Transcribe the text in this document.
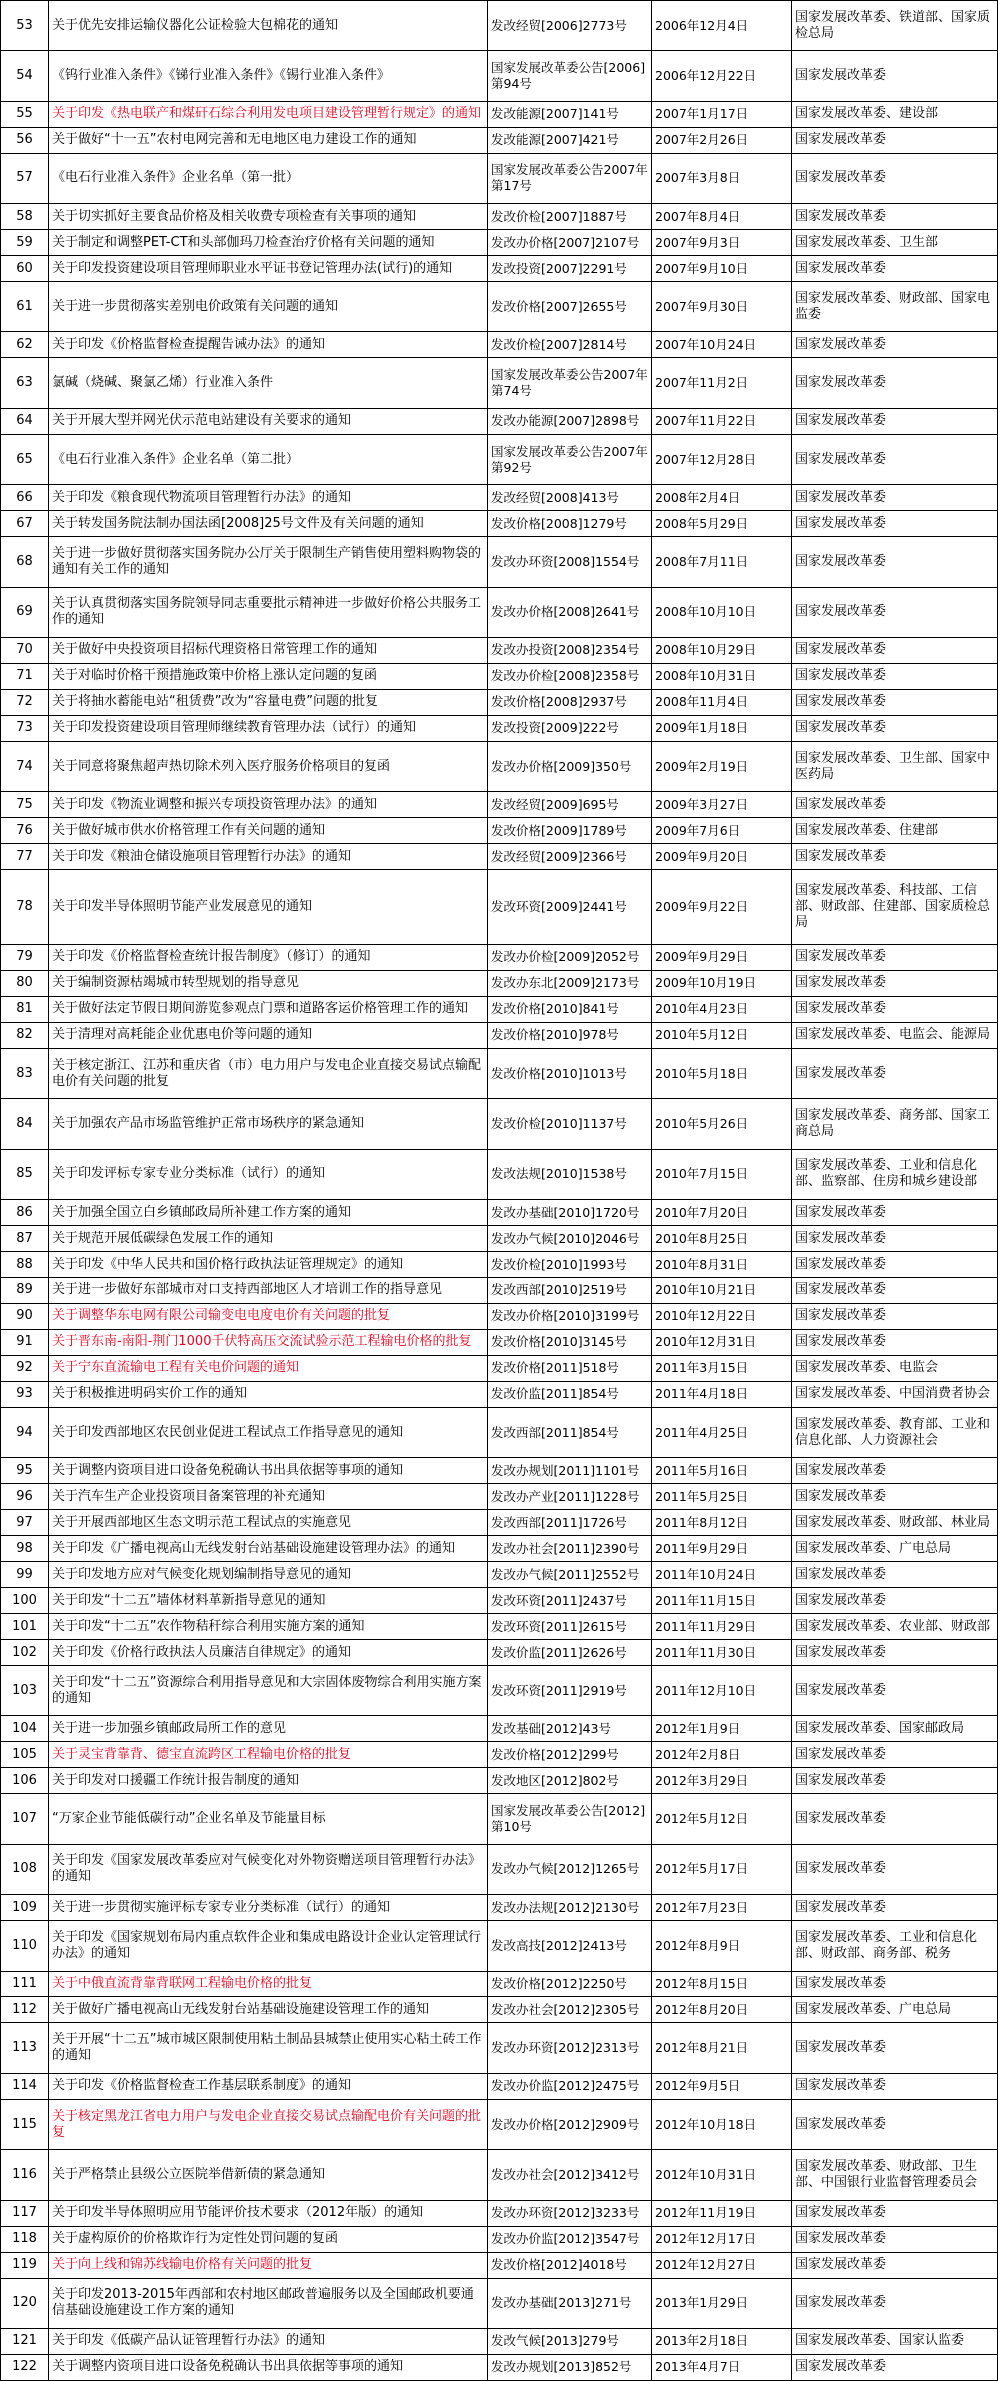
53	关于优先安排运输仪器化公证检验大包棉花的通知	发改经贸[2006]2773号	2006年12月4日	国家发展改革委、铁道部、国家质检总局
54	《钨行业准入条件》《锑行业准入条件》《锡行业准入条件》	国家发展改革委公告[2006]第94号	2006年12月22日	国家发展改革委
55	关于印发《热电联产和煤矸石综合利用发电项目建设管理暂行规定》的通知	发改能源[2007]141号	2007年1月17日	国家发展改革委、建设部
56	关于做好“十一五”农村电网完善和无电地区电力建设工作的通知	发改能源[2007]421号	2007年2月26日	国家发展改革委
57	《电石行业准入条件》企业名单（第一批）	国家发展改革委公告2007年第17号	2007年3月8日	国家发展改革委
58	关于切实抓好主要食品价格及相关收费专项检查有关事项的通知	发改价检[2007]1887号	2007年8月4日	国家发展改革委
59	关于制定和调整PET-CT和头部伽玛刀检查治疗价格有关问题的通知	发改办价格[2007]2107号	2007年9月3日	国家发展改革委、卫生部
60	关于印发投资建设项目管理师职业水平证书登记管理办法(试行)的通知	发改投资[2007]2291号	2007年9月10日	国家发展改革委
61	关于进一步贯彻落实差别电价政策有关问题的通知	发改价格[2007]2655号	2007年9月30日	国家发展改革委、财政部、国家电监委
62	关于印发《价格监督检查提醒告诫办法》的通知	发改价检[2007]2814号	2007年10月24日	国家发展改革委
63	氯碱（烧碱、聚氯乙烯）行业准入条件	国家发展改革委公告2007年第74号	2007年11月2日	国家发展改革委
64	关于开展大型并网光伏示范电站建设有关要求的通知	发改办能源[2007]2898号	2007年11月22日	国家发展改革委
65	《电石行业准入条件》企业名单（第二批）	国家发展改革委公告2007年第92号	2007年12月28日	国家发展改革委
66	关于印发《粮食现代物流项目管理暂行办法》的通知	发改经贸[2008]413号	2008年2月4日	国家发展改革委
67	关于转发国务院法制办国法函[2008]25号文件及有关问题的通知	发改价格[2008]1279号	2008年5月29日	国家发展改革委
68	关于进一步做好贯彻落实国务院办公厅关于限制生产销售使用塑料购物袋的通知有关工作的通知	发改办环资[2008]1554号	2008年7月11日	国家发展改革委
69	关于认真贯彻落实国务院领导同志重要批示精神进一步做好价格公共服务工作的通知	发改办价格[2008]2641号	2008年10月10日	国家发展改革委
70	关于做好中央投资项目招标代理资格日常管理工作的通知	发改办投资[2008]2354号	2008年10月29日	国家发展改革委
71	关于对临时价格干预措施政策中价格上涨认定问题的复函	发改办价检[2008]2358号	2008年10月31日	国家发展改革委
72	关于将抽水蓄能电站“租赁费”改为“容量电费”问题的批复	发改价格[2008]2937号	2008年11月4日	国家发展改革委
73	关于印发投资建设项目管理师继续教育管理办法（试行）的通知	发改投资[2009]222号	2009年1月18日	国家发展改革委
74	关于同意将聚焦超声热切除术列入医疗服务价格项目的复函	发改办价格[2009]350号	2009年2月19日	国家发展改革委、卫生部、国家中医药局
75	关于印发《物流业调整和振兴专项投资管理办法》的通知	发改经贸[2009]695号	2009年3月27日	国家发展改革委
76	关于做好城市供水价格管理工作有关问题的通知	发改价格[2009]1789号	2009年7月6日	国家发展改革委、住建部
77	关于印发《粮油仓储设施项目管理暂行办法》的通知	发改经贸[2009]2366号	2009年9月20日	国家发展改革委
78	关于印发半导体照明节能产业发展意见的通知	发改环资[2009]2441号	2009年9月22日	国家发展改革委、科技部、工信部、财政部、住建部、国家质检总局
79	关于印发《价格监督检查统计报告制度》（修订）的通知	发改办价检[2009]2052号	2009年9月29日	国家发展改革委
80	关于编制资源枯竭城市转型规划的指导意见	发改办东北[2009]2173号	2009年10月19日	国家发展改革委
81	关于做好法定节假日期间游览参观点门票和道路客运价格管理工作的通知	发改价格[2010]841号	2010年4月23日	国家发展改革委
82	关于清理对高耗能企业优惠电价等问题的通知	发改价格[2010]978号	2010年5月12日	国家发展改革委、电监会、能源局
83	关于核定浙江、江苏和重庆省（市）电力用户与发电企业直接交易试点输配电价有关问题的批复	发改价格[2010]1013号	2010年5月18日	国家发展改革委
84	关于加强农产品市场监管维护正常市场秩序的紧急通知	发改价检[2010]1137号	2010年5月26日	国家发展改革委、商务部、国家工商总局
85	关于印发评标专家专业分类标准（试行）的通知	发改法规[2010]1538号	2010年7月15日	国家发展改革委、工业和信息化部、监察部、住房和城乡建设部
86	关于加强全国立白乡镇邮政局所补建工作方案的通知	发改办基础[2010]1720号	2010年7月20日	国家发展改革委
87	关于规范开展低碳绿色发展工作的通知	发改办气候[2010]2046号	2010年8月25日	国家发展改革委
88	关于印发《中华人民共和国价格行政执法证管理规定》的通知	发改价检[2010]1993号	2010年8月31日	国家发展改革委
89	关于进一步做好东部城市对口支持西部地区人才培训工作的指导意见	发改西部[2010]2519号	2010年10月21日	国家发展改革委
90	关于调整华东电网有限公司输变电电度电价有关问题的批复	发改办价格[2010]3199号	2010年12月22日	国家发展改革委
91	关于晋东南-南阳-荆门1000千伏特高压交流试验示范工程输电价格的批复	发改价格[2010]3145号	2010年12月31日	国家发展改革委
92	关于宁东直流输电工程有关电价问题的通知	发改价格[2011]518号	2011年3月15日	国家发展改革委、电监会
93	关于积极推进明码实价工作的通知	发改价监[2011]854号	2011年4月18日	国家发展改革委、中国消费者协会
94	关于印发西部地区农民创业促进工程试点工作指导意见的通知	发改西部[2011]854号	2011年4月25日	国家发展改革委、教育部、工业和信息化部、人力资源社会
95	关于调整内资项目进口设备免税确认书出具依据等事项的通知	发改办规划[2011]1101号	2011年5月16日	国家发展改革委
96	关于汽车生产企业投资项目备案管理的补充通知	发改办产业[2011]1228号	2011年5月25日	国家发展改革委
97	关于开展西部地区生态文明示范工程试点的实施意见	发改西部[2011]1726号	2011年8月12日	国家发展改革委、财政部、林业局
98	关于印发《广播电视高山无线发射台站基础设施建设管理办法》的通知	发改办社会[2011]2390号	2011年9月29日	国家发展改革委、广电总局
99	关于印发地方应对气候变化规划编制指导意见的通知	发改办气候[2011]2552号	2011年10月24日	国家发展改革委
100	关于印发“十二五”墙体材料革新指导意见的通知	发改环资[2011]2437号	2011年11月15日	国家发展改革委
101	关于印发“十二五”农作物秸秆综合利用实施方案的通知	发改环资[2011]2615号	2011年11月29日	国家发展改革委、农业部、财政部
102	关于印发《价格行政执法人员廉洁自律规定》的通知	发改价监[2011]2626号	2011年11月30日	国家发展改革委
103	关于印发“十二五”资源综合利用指导意见和大宗固体废物综合利用实施方案的通知	发改环资[2011]2919号	2011年12月10日	国家发展改革委
104	关于进一步加强乡镇邮政局所工作的意见	发改基础[2012]43号	2012年1月9日	国家发展改革委、国家邮政局
105	关于灵宝背靠背、德宝直流跨区工程输电价格的批复	发改价格[2012]299号	2012年2月8日	国家发展改革委
106	关于印发对口援疆工作统计报告制度的通知	发改地区[2012]802号	2012年3月29日	国家发展改革委
107	“万家企业节能低碳行动”企业名单及节能量目标	国家发展改革委公告[2012]第10号	2012年5月12日	国家发展改革委
108	关于印发《国家发展改革委应对气候变化对外物资赠送项目管理暂行办法》的通知	发改办气候[2012]1265号	2012年5月17日	国家发展改革委
109	关于进一步贯彻实施评标专家专业分类标准（试行）的通知	发改办法规[2012]2130号	2012年7月23日	国家发展改革委
110	关于印发《国家规划布局内重点软件企业和集成电路设计企业认定管理试行办法》的通知	发改高技[2012]2413号	2012年8月9日	国家发展改革委、工业和信息化部、财政部、商务部、税务
111	关于中俄直流背靠背联网工程输电价格的批复	发改价格[2012]2250号	2012年8月15日	国家发展改革委
112	关于做好广播电视高山无线发射台站基础设施建设管理工作的通知	发改办社会[2012]2305号	2012年8月20日	国家发展改革委、广电总局
113	关于开展“十二五”城市城区限制使用粘土制品县城禁止使用实心粘土砖工作的通知	发改办环资[2012]2313号	2012年8月21日	国家发展改革委
114	关于印发《价格监督检查工作基层联系制度》的通知	发改办价监[2012]2475号	2012年9月5日	国家发展改革委
115	关于核定黑龙江省电力用户与发电企业直接交易试点输配电价有关问题的批复	发改办价格[2012]2909号	2012年10月18日	国家发展改革委
116	关于严格禁止县级公立医院举借新债的紧急通知	发改办社会[2012]3412号	2012年10月31日	国家发展改革委、财政部、卫生部、中国银行业监督管理委员会
117	关于印发半导体照明应用节能评价技术要求（2012年版）的通知	发改办环资[2012]3233号	2012年11月19日	国家发展改革委
118	关于虚构原价的价格欺诈行为定性处罚问题的复函	发改办价监[2012]3547号	2012年12月17日	国家发展改革委
119	关于向上线和锦苏线输电价格有关问题的批复	发改价格[2012]4018号	2012年12月27日	国家发展改革委
120	关于印发2013-2015年西部和农村地区邮政普遍服务以及全国邮政机要通信基础设施建设工作方案的通知	发改办基础[2013]271号	2013年1月29日	国家发展改革委
121	关于印发《低碳产品认证管理暂行办法》的通知	发改气候[2013]279号	2013年2月18日	国家发展改革委、国家认监委
122	关于调整内资项目进口设备免税确认书出具依据等事项的通知	发改办规划[2013]852号	2013年4月7日	国家发展改革委
